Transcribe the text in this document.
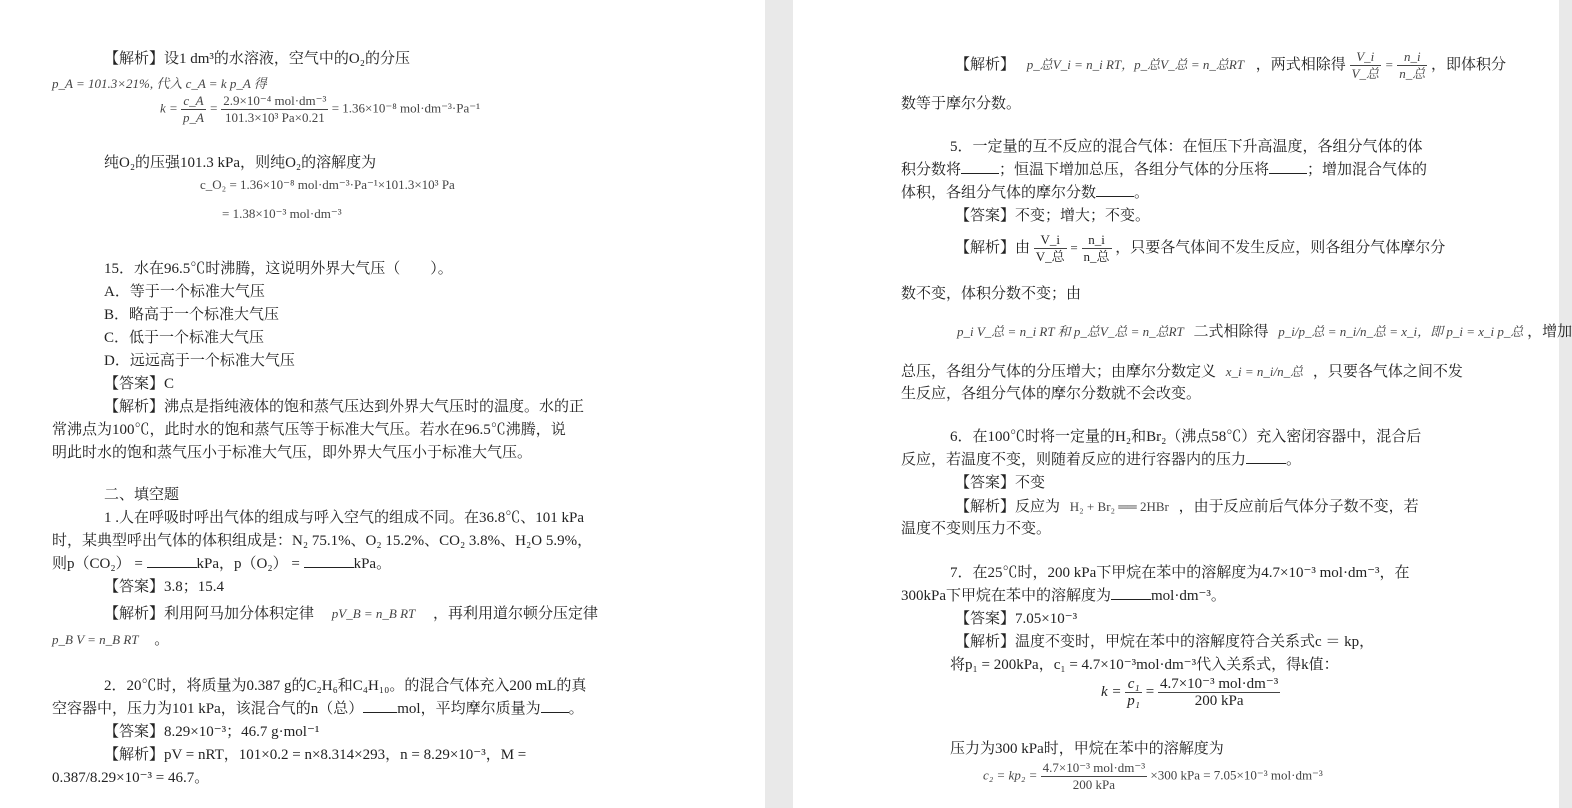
【解析】设1 dm³的水溶液，空气中的O₂的分压
p_A = 101.3×21%, 代入 c_A = k p_A 得
$k = \frac{c\_A}{p\_A} = \frac{\text{2.9×10⁻⁴ mol·dm⁻³}}{\text{101.3×10³ Pa×0.21}} = 1.36\times 10^{-8}$ mol·dm⁻³·Pa⁻¹
纯O₂的压强101.3 kPa，则纯O₂的溶解度为
c_O₂ = 1.36×10⁻⁸ mol·dm⁻³·Pa⁻¹×101.3×10³ Pa
= 1.38×10⁻³ mol·dm⁻³
15．水在96.5℃时沸腾，这说明外界大气压（　　）。
A．等于一个标准大气压
B．略高于一个标准大气压
C．低于一个标准大气压
D．远远高于一个标准大气压
【答案】C
【解析】沸点是指纯液体的饱和蒸气压达到外界大气压时的温度。水的正
常沸点为100℃，此时水的饱和蒸气压等于标准大气压。若水在96.5℃沸腾，说
明此时水的饱和蒸气压小于标准大气压，即外界大气压小于标准大气压。
二、填空题
1 .人在呼吸时呼出气体的组成与呼入空气的组成不同。在36.8℃、101 kPa
时，某典型呼出气体的体积组成是：N₂ 75.1%、O₂ 15.2%、CO₂ 3.8%、H₂O 5.9%，
则p（CO₂） =	kPa，p（O₂） =	kPa。
【答案】3.8；15.4
【解析】利用阿马加分体积定律 pV_B = n_B RT ，再利用道尔顿分压定律
p_B V = n_B RT 。
2．20℃时，将质量为0.387 g的C₂H₆和C₄H₁₀。的混合气体充入200 mL的真
空容器中，压力为101 kPa，该混合气的n（总） mol，平均摩尔质量为 。
【答案】8.29×10⁻³；46.7 g·mol⁻¹
【解析】pV = nRT，101×0.2 = n×8.314×293，n = 8.29×10⁻³，M =
0.387/8.29×10⁻³ = 46.7。
【解析】 p_总V_i = n_i RT，p_总V_总 = n_总RT ，两式相除得 $\frac{V\_i}{\text{V\_总}} = \frac{n\_i}{\text{n\_总}}$ ，即体积分
数等于摩尔分数。
5．一定量的互不反应的混合气体：在恒压下升高温度，各组分气体的体
积分数将	；恒温下增加总压，各组分气体的分压将	；增加混合气体的
体积，各组分气体的摩尔分数	。
【答案】不变；增大；不变。
【解析】由 $\frac{V\_i}{\text{V\_总}} = \frac{n\_i}{\text{n\_总}}$ ，只要各气体间不发生反应，则各组分气体摩尔分
数不变，体积分数不变；由
p_i V_总 = n_i RT 和 p_总V_总 = n_总RT 二式相除得 p_i/p_总 = n_i/n_总 = x_i，即 p_i = x_i p_总 ，增加
总压，各组分气体的分压增大；由摩尔分数定义 x_i = n_i/n_总 ，只要各气体之间不发
生反应，各组分气体的摩尔分数就不会改变。
6．在100℃时将一定量的H₂和Br₂（沸点58℃）充入密闭容器中，混合后
反应，若温度不变，则随着反应的进行容器内的压力	。
【答案】不变
【解析】反应为 H₂ + Br₂ ══ 2HBr ，由于反应前后气体分子数不变，若
温度不变则压力不变。
7．在25℃时，200 kPa下甲烷在苯中的溶解度为4.7×10⁻³ mol·dm⁻³，在
300kPa下甲烷在苯中的溶解度为	mol·dm⁻³。
【答案】7.05×10⁻³
【解析】温度不变时，甲烷在苯中的溶解度符合关系式c ＝ kp，
将p₁ = 200kPa，c₁ = 4.7×10⁻³mol·dm⁻³代入关系式，得k值：
$k = \frac{\text{c₁}}{\text{p₁}} = \frac{\text{4.7×10⁻³ mol·dm⁻³}}{\text{200 kPa}}$
压力为300 kPa时，甲烷在苯中的溶解度为
$c_2 = kp_2 = \frac{\text{4.7×10⁻³ mol·dm⁻³}}{\text{200 kPa}} \times 300$ kPa = 7.05×10⁻³ mol·dm⁻³
